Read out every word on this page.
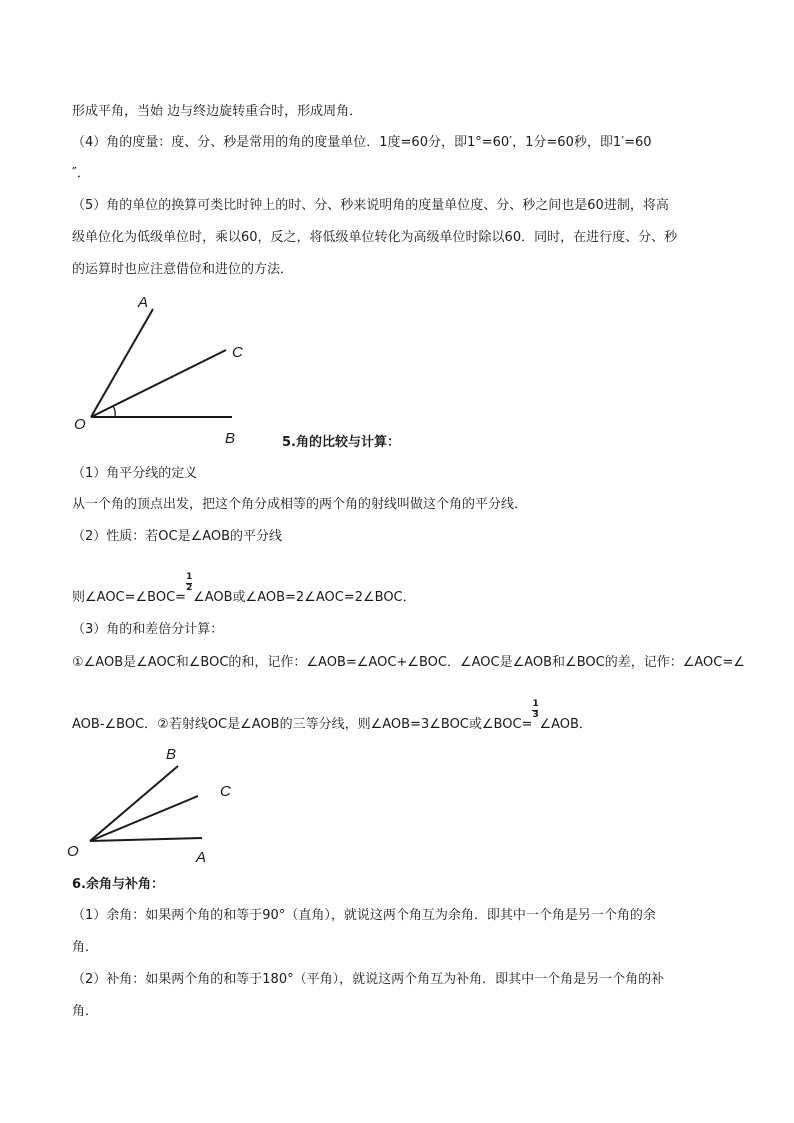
形成平角，当始 边与终边旋转重合时，形成周角．
（4）角的度量：度、分、秒是常用的角的度量单位．1度=60分，即1°=60′，1分=60秒，即1′=60
″．
（5）角的单位的换算可类比时钟上的时、分、秒来说明角的度量单位度、分、秒之间也是60进制，将高
级单位化为低级单位时，乘以60，反之，将低级单位转化为高级单位时除以60．同时，在进行度、分、秒
的运算时也应注意借位和进位的方法．
A
C
O
B	5.角的比较与计算：
（1）角平分线的定义
从一个角的顶点出发，把这个角分成相等的两个角的射线叫做这个角的平分线．
（2）性质：若OC是∠AOB的平分线
则∠AOC=∠BOC= $\frac{1}{2}$ ∠AOB或∠AOB=2∠AOC=2∠BOC．
（3）角的和差倍分计算：
①∠AOB是∠AOC和∠BOC的和，记作：∠AOB=∠AOC+∠BOC．∠AOC是∠AOB和∠BOC的差，记作：∠AOC=∠
AOB-∠BOC．②若射线OC是∠AOB的三等分线，则∠AOB=3∠BOC或∠BOC= $\frac{1}{3}$ ∠AOB．
B
C
O	A
6.余角与补角：
（1）余角：如果两个角的和等于90°（直角），就说这两个角互为余角．即其中一个角是另一个角的余
角．
（2）补角：如果两个角的和等于180°（平角），就说这两个角互为补角．即其中一个角是另一个角的补
角．
